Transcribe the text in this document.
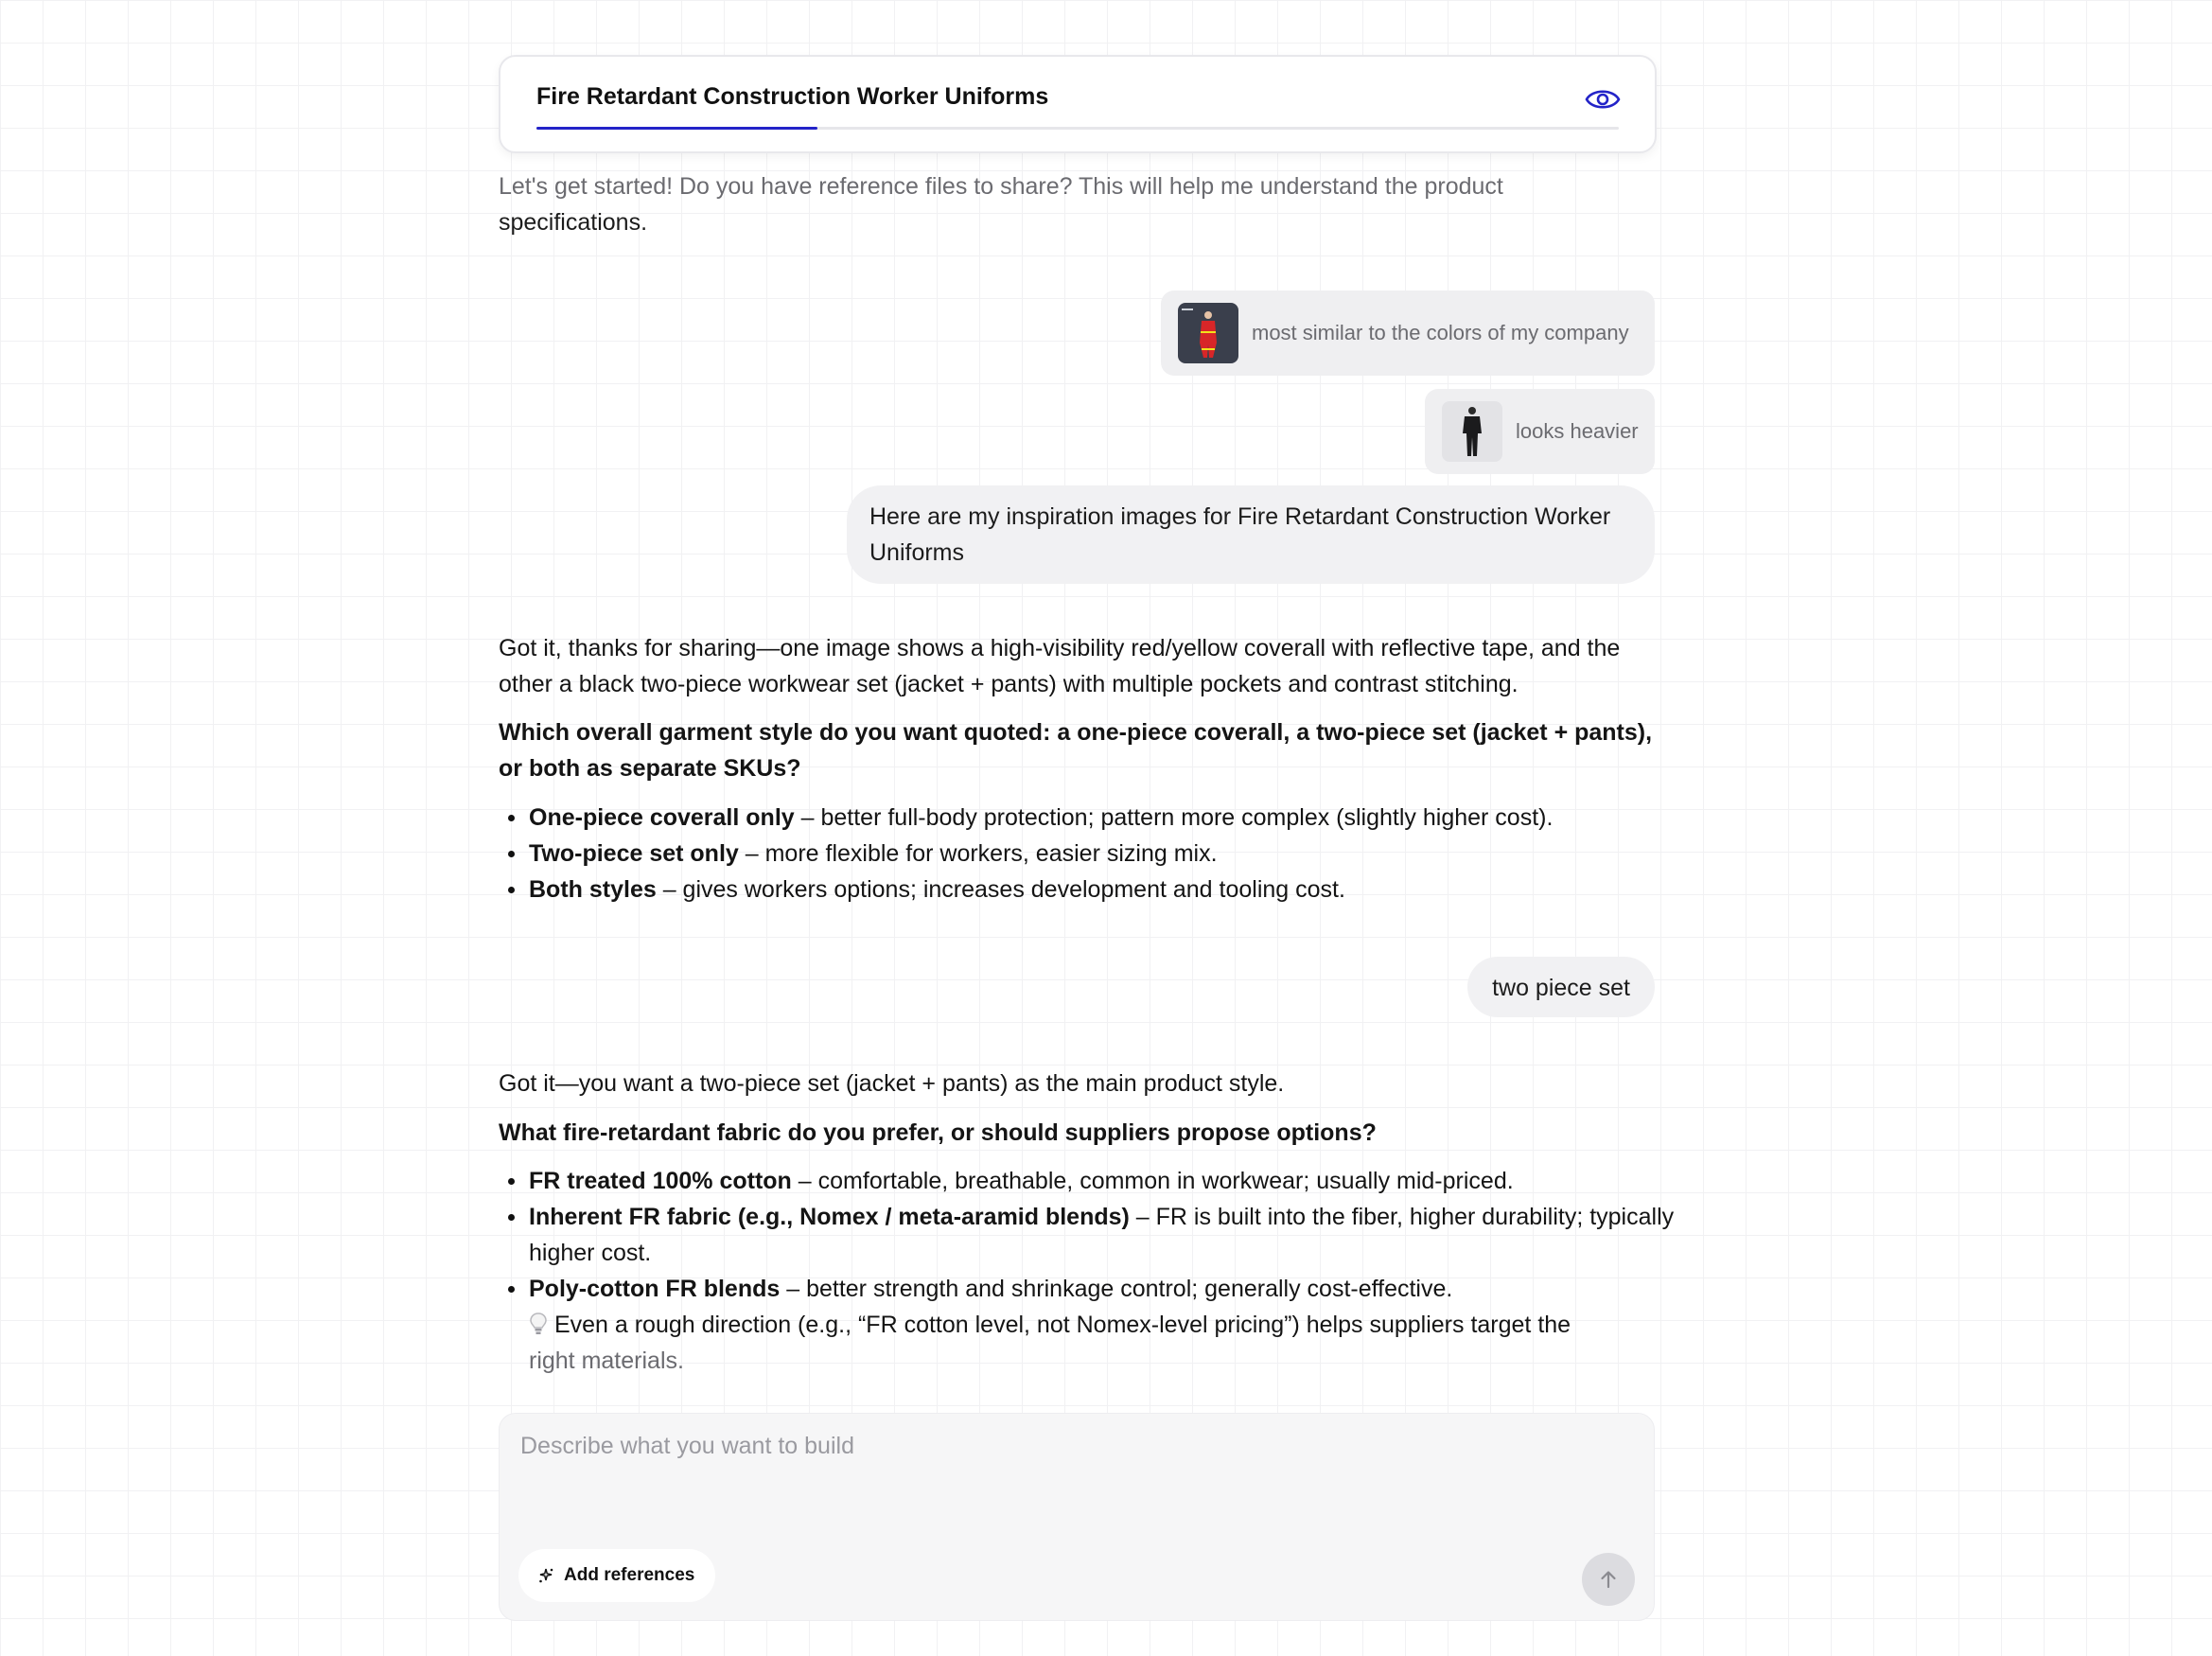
Fire Retardant Construction Worker Uniforms
Let's get started! Do you have reference files to share? This will help me understand the product
specifications.
most similar to the colors of my company
looks heavier
Here are my inspiration images for Fire Retardant Construction Worker Uniforms
Got it, thanks for sharing—one image shows a high-visibility red/yellow coverall with reflective tape, and the other a black two-piece workwear set (jacket + pants) with multiple pockets and contrast stitching.
Which overall garment style do you want quoted: a one-piece coverall, a two-piece set (jacket + pants), or both as separate SKUs?
One-piece coverall only – better full-body protection; pattern more complex (slightly higher cost).
Two-piece set only – more flexible for workers, easier sizing mix.
Both styles – gives workers options; increases development and tooling cost.
two piece set
Got it—you want a two-piece set (jacket + pants) as the main product style.
What fire-retardant fabric do you prefer, or should suppliers propose options?
FR treated 100% cotton – comfortable, breathable, common in workwear; usually mid-priced.
Inherent FR fabric (e.g., Nomex / meta-aramid blends) – FR is built into the fiber, higher durability; typically higher cost.
Poly-cotton FR blends – better strength and shrinkage control; generally cost-effective.
Even a rough direction (e.g., “FR cotton level, not Nomex-level pricing”) helps suppliers target the
right materials.
Describe what you want to build
Add references
